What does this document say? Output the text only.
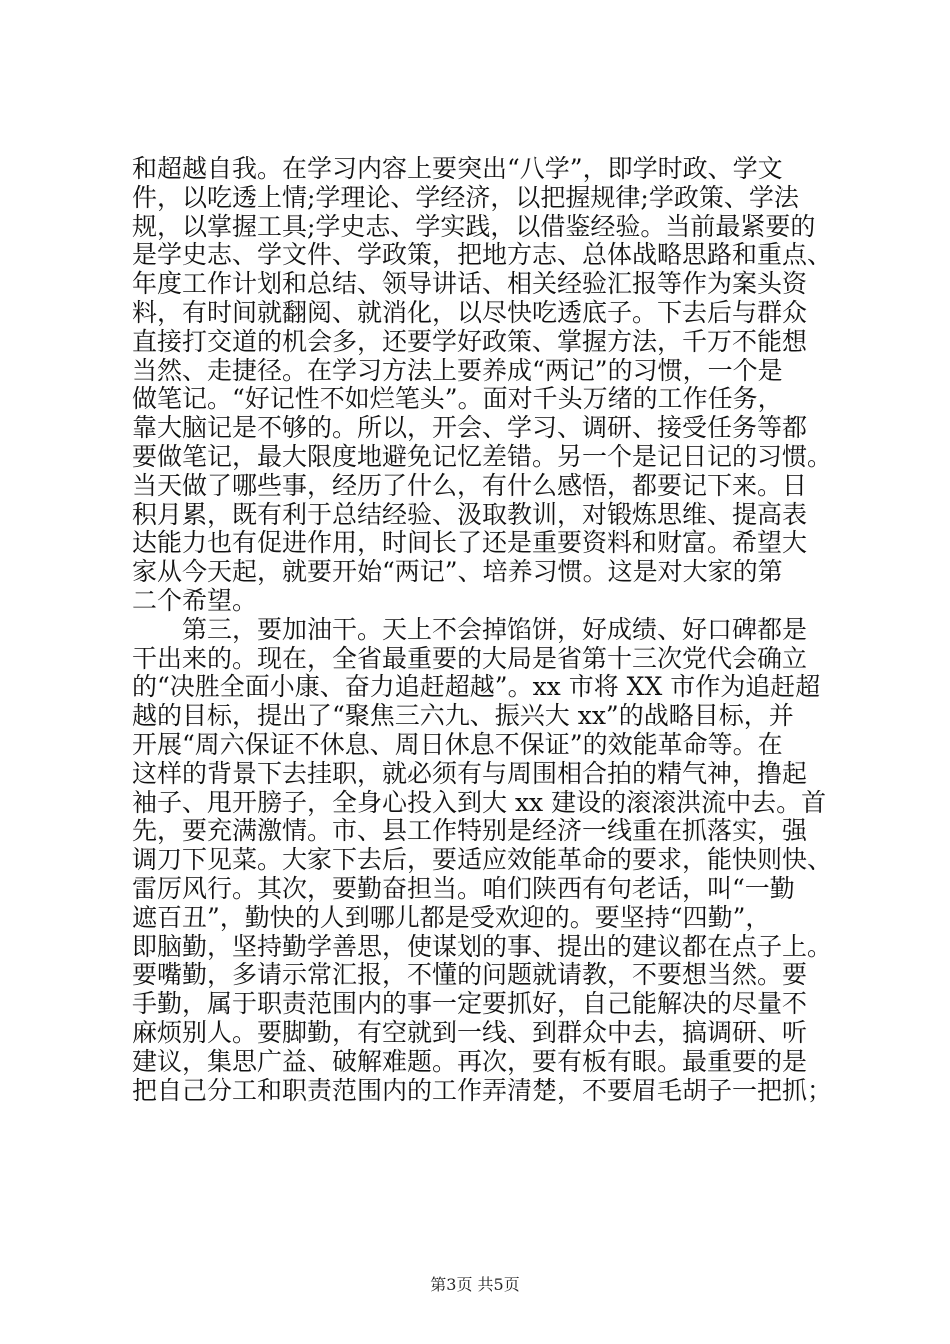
和超越自我。在学习内容上要突出“八学”，即学时政、学文
件，以吃透上情;学理论、学经济，以把握规律;学政策、学法
规，以掌握工具;学史志、学实践，以借鉴经验。当前最紧要的
是学史志、学文件、学政策，把地方志、总体战略思路和重点、
年度工作计划和总结、领导讲话、相关经验汇报等作为案头资
料，有时间就翻阅、就消化，以尽快吃透底子。下去后与群众
直接打交道的机会多，还要学好政策、掌握方法，千万不能想
当然、走捷径。在学习方法上要养成“两记”的习惯，一个是
做笔记。“好记性不如烂笔头”。面对千头万绪的工作任务，
靠大脑记是不够的。所以，开会、学习、调研、接受任务等都
要做笔记，最大限度地避免记忆差错。另一个是记日记的习惯。
当天做了哪些事，经历了什么，有什么感悟，都要记下来。日
积月累，既有利于总结经验、汲取教训，对锻炼思维、提高表
达能力也有促进作用，时间长了还是重要资料和财富。希望大
家从今天起，就要开始“两记”、培养习惯。这是对大家的第
二个希望。
　　第三，要加油干。天上不会掉馅饼，好成绩、好口碑都是
干出来的。现在，全省最重要的大局是省第十三次党代会确立
的“决胜全面小康、奋力追赶超越”。xx 市将 XX 市作为追赶超
越的目标，提出了“聚焦三六九、振兴大 xx”的战略目标，并
开展“周六保证不休息、周日休息不保证”的效能革命等。在
这样的背景下去挂职，就必须有与周围相合拍的精气神，撸起
袖子、甩开膀子，全身心投入到大 xx 建设的滚滚洪流中去。首
先，要充满激情。市、县工作特别是经济一线重在抓落实，强
调刀下见菜。大家下去后，要适应效能革命的要求，能快则快、
雷厉风行。其次，要勤奋担当。咱们陕西有句老话，叫“一勤
遮百丑”，勤快的人到哪儿都是受欢迎的。要坚持“四勤”，
即脑勤，坚持勤学善思，使谋划的事、提出的建议都在点子上。
要嘴勤，多请示常汇报，不懂的问题就请教，不要想当然。要
手勤，属于职责范围内的事一定要抓好，自己能解决的尽量不
麻烦别人。要脚勤，有空就到一线、到群众中去，搞调研、听
建议，集思广益、破解难题。再次，要有板有眼。最重要的是
把自己分工和职责范围内的工作弄清楚，不要眉毛胡子一把抓；
第3页 共5页
